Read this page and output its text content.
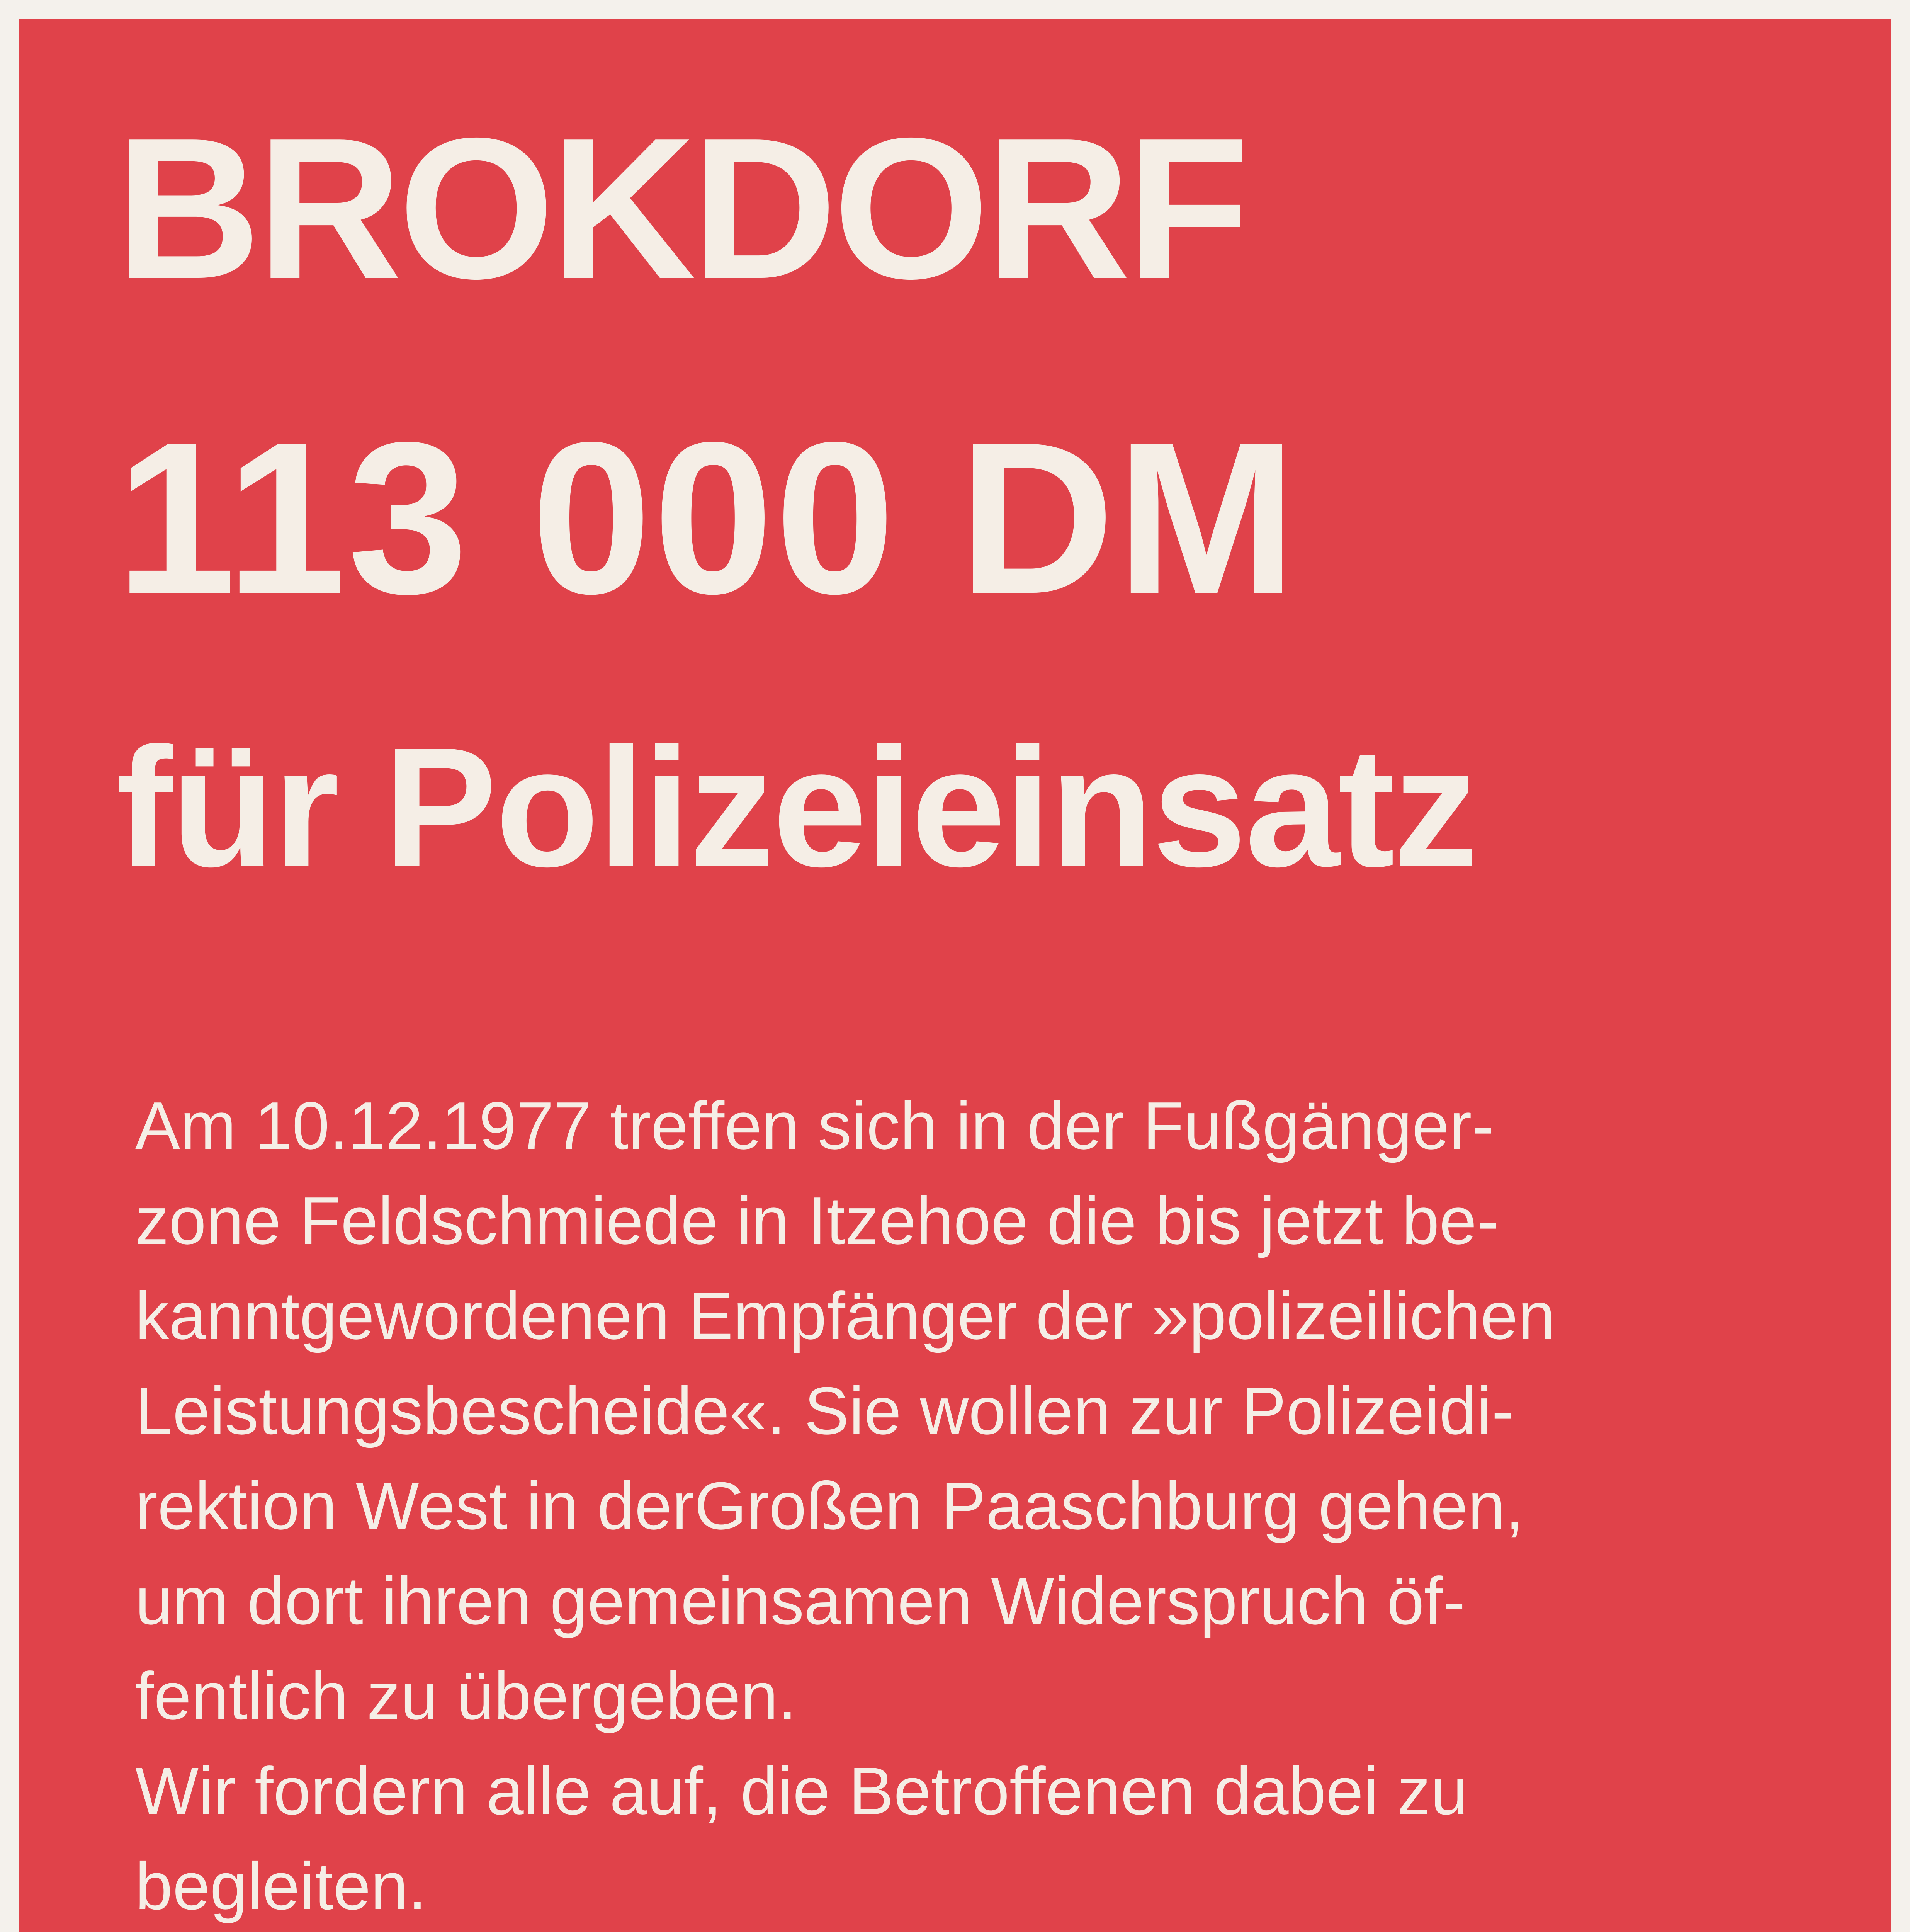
BROKDORF
113 000 DM
für Polizeieinsatz
Am 10.12.1977 treffen sich in der Fußgänger-
zone Feldschmiede in Itzehoe die bis jetzt be-
kanntgewordenen Empfänger der »polizeilichen
Leistungsbescheide«. Sie wollen zur Polizeidi-
rektion West in derGroßen Paaschburg gehen,
um dort ihren gemeinsamen Widerspruch öf-
fentlich zu übergeben.
Wir fordern alle auf, die Betroffenen dabei zu
begleiten.
